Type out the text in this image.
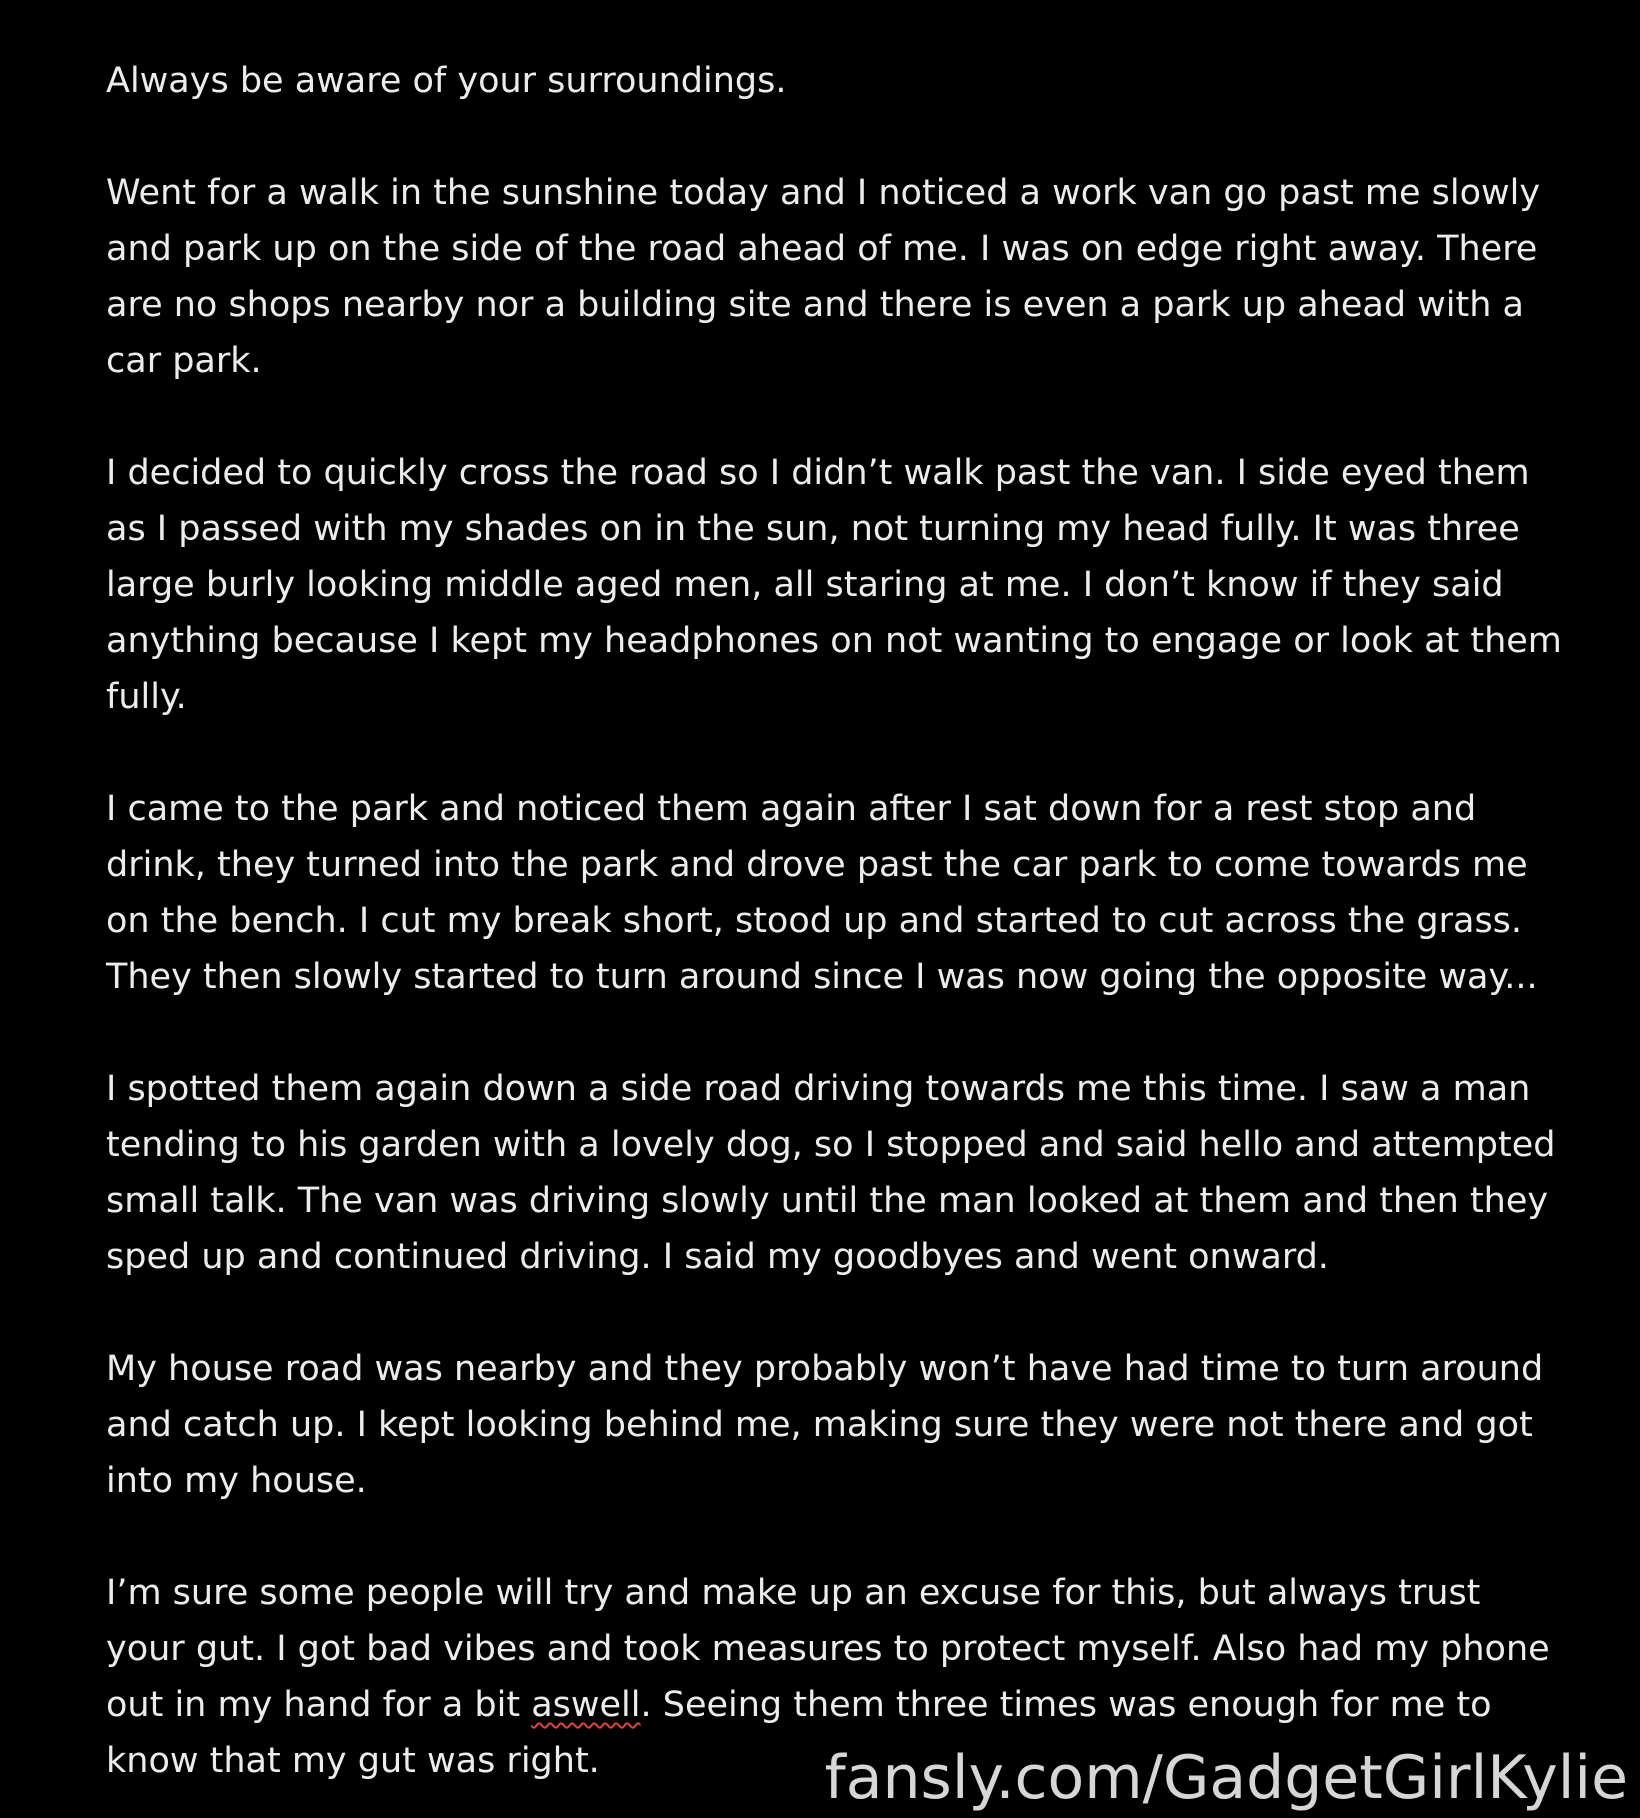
Always be aware of your surroundings.

Went for a walk in the sunshine today and I noticed a work van go past me slowly and park up on the side of the road ahead of me. I was on edge right away. There are no shops nearby nor a building site and there is even a park up ahead with a car park.

I decided to quickly cross the road so I didn’t walk past the van. I side eyed them as I passed with my shades on in the sun, not turning my head fully. It was three large burly looking middle aged men, all staring at me. I don’t know if they said anything because I kept my headphones on not wanting to engage or look at them fully.

I came to the park and noticed them again after I sat down for a rest stop and drink, they turned into the park and drove past the car park to come towards me on the bench. I cut my break short, stood up and started to cut across the grass. They then slowly started to turn around since I was now going the opposite way...

I spotted them again down a side road driving towards me this time. I saw a man tending to his garden with a lovely dog, so I stopped and said hello and attempted small talk. The van was driving slowly until the man looked at them and then they sped up and continued driving. I said my goodbyes and went onward.

My house road was nearby and they probably won’t have had time to turn around and catch up. I kept looking behind me, making sure they were not there and got into my house.

I’m sure some people will try and make up an excuse for this, but always trust your gut. I got bad vibes and took measures to protect myself. Also had my phone out in my hand for a bit aswell. Seeing them three times was enough for me to know that my gut was right.	fansly.com/GadgetGirlKylie
